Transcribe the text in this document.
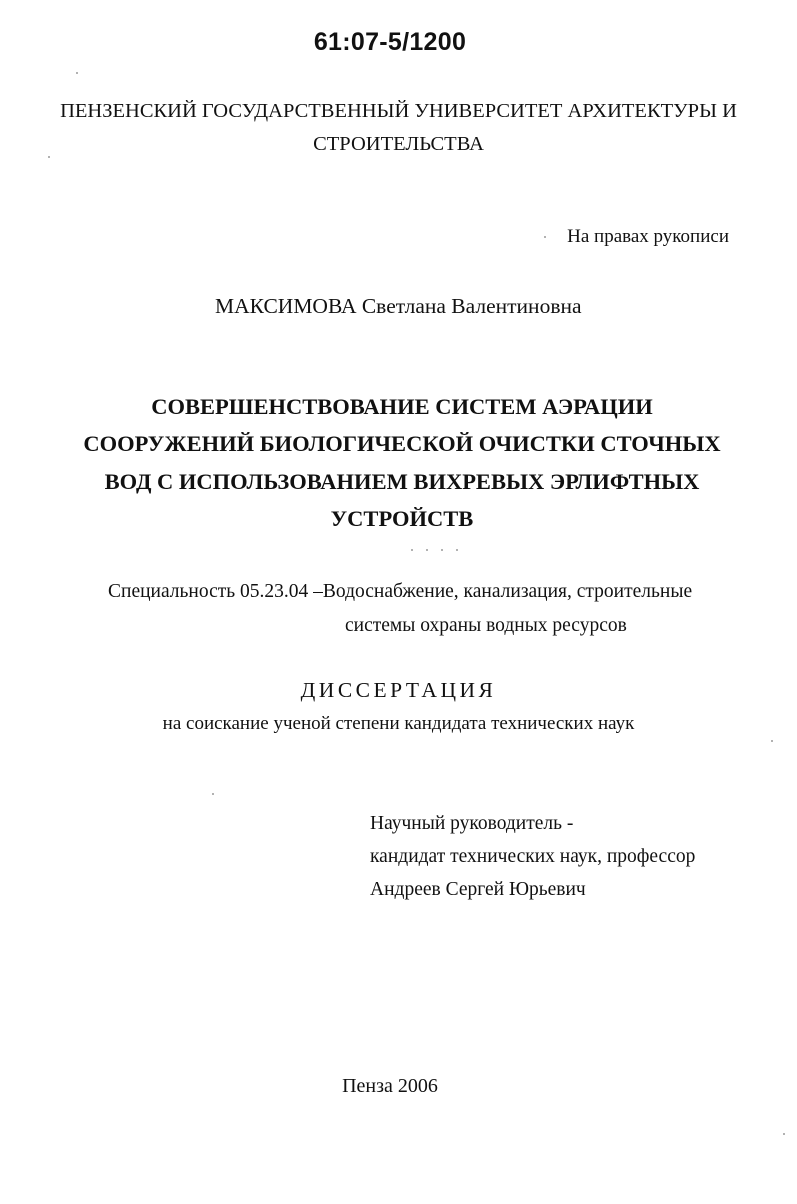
61:07-5/1200
ПЕНЗЕНСКИЙ ГОСУДАРСТВЕННЫЙ УНИВЕРСИТЕТ АРХИТЕКТУРЫ И
СТРОИТЕЛЬСТВА
На правах рукописи
МАКСИМОВА Светлана Валентиновна
СОВЕРШЕНСТВОВАНИЕ СИСТЕМ АЭРАЦИИ
СООРУЖЕНИЙ БИОЛОГИЧЕСКОЙ ОЧИСТКИ СТОЧНЫХ
ВОД С ИСПОЛЬЗОВАНИЕМ ВИХРЕВЫХ ЭРЛИФТНЫХ
УСТРОЙСТВ
Специальность 05.23.04 –Водоснабжение, канализация, строительные
системы охраны водных ресурсов
ДИССЕРТАЦИЯ
на соискание ученой степени кандидата технических наук
Научный руководитель -
кандидат технических наук, профессор
Андреев Сергей Юрьевич
Пенза 2006
